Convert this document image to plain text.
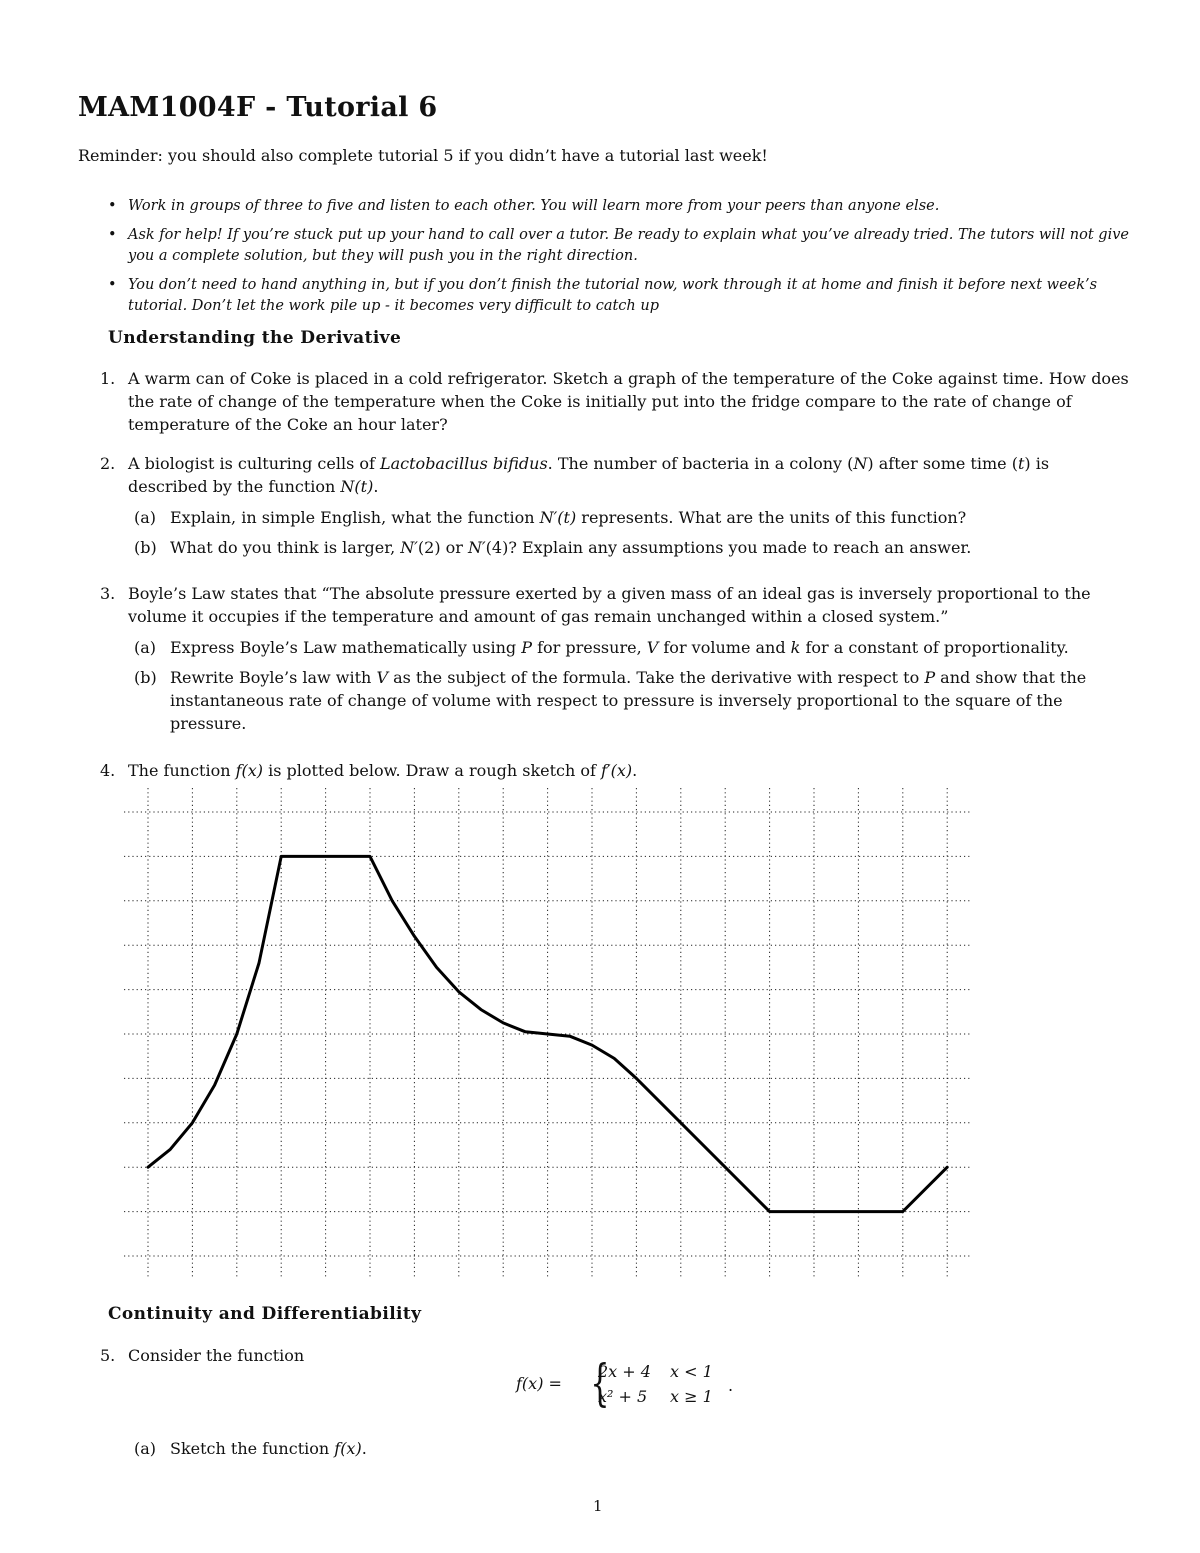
MAM1004F - Tutorial 6
Reminder: you should also complete tutorial 5 if you didn’t have a tutorial last week!
• Work in groups of three to five and listen to each other. You will learn more from your peers than anyone else.
• Ask for help! If you’re stuck put up your hand to call over a tutor. Be ready to explain what you’ve already tried. The tutors will not give you a complete solution, but they will push you in the right direction.
• You don’t need to hand anything in, but if you don’t finish the tutorial now, work through it at home and finish it before next week’s tutorial. Don’t let the work pile up - it becomes very difficult to catch up
Understanding the Derivative
1. A warm can of Coke is placed in a cold refrigerator. Sketch a graph of the temperature of the Coke against time. How does the rate of change of the temperature when the Coke is initially put into the fridge compare to the rate of change of temperature of the Coke an hour later?
2. A biologist is culturing cells of Lactobacillus bifidus. The number of bacteria in a colony (N) after some time (t) is described by the function N(t).
(a) Explain, in simple English, what the function N′(t) represents. What are the units of this function?
(b) What do you think is larger, N′(2) or N′(4)? Explain any assumptions you made to reach an answer.
3. Boyle’s Law states that “The absolute pressure exerted by a given mass of an ideal gas is inversely proportional to the volume it occupies if the temperature and amount of gas remain unchanged within a closed system.”
(a) Express Boyle’s Law mathematically using P for pressure, V for volume and k for a constant of proportionality.
(b) Rewrite Boyle’s law with V as the subject of the formula. Take the derivative with respect to P and show that the instantaneous rate of change of volume with respect to pressure is inversely proportional to the square of the pressure.
4. The function f(x) is plotted below. Draw a rough sketch of f′(x).
Continuity and Differentiability
5. Consider the function
f(x) = {
2x + 4 x < 1
x² + 5 x ≥ 1
.
(a) Sketch the function f(x).
1
